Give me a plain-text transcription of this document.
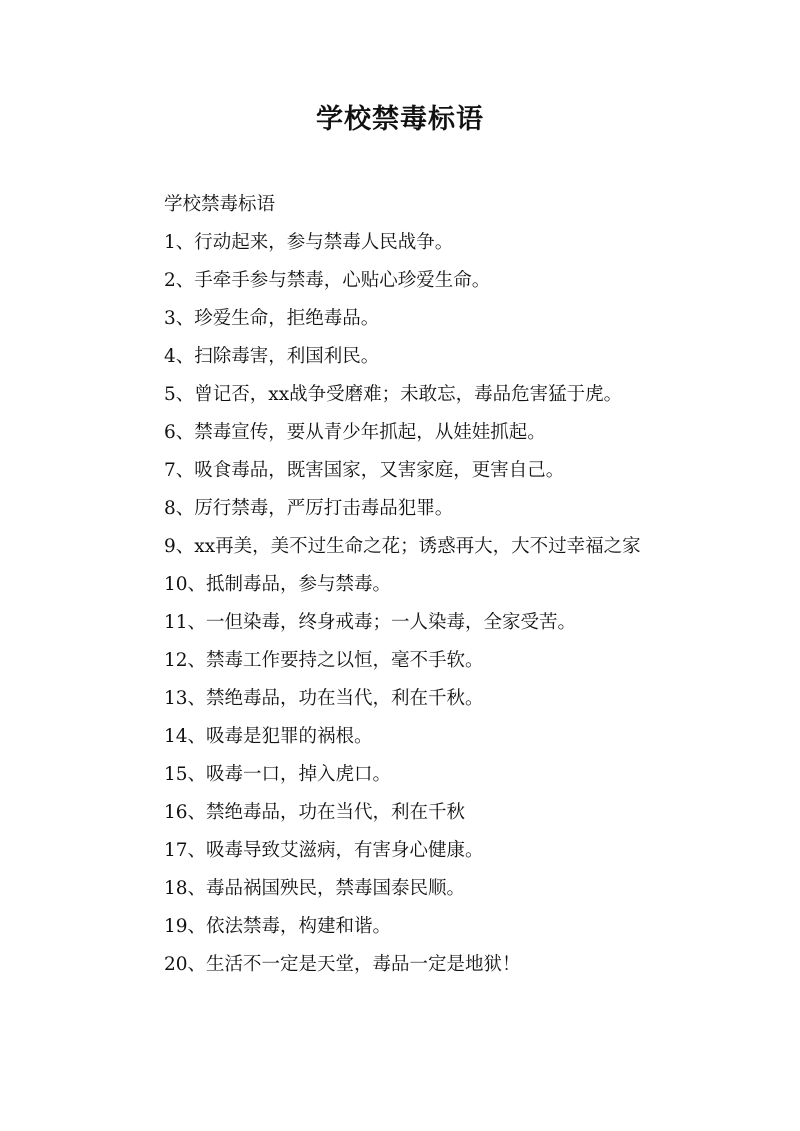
学校禁毒标语

学校禁毒标语

1、行动起来，参与禁毒人民战争。

2、手牵手参与禁毒，心贴心珍爱生命。

3、珍爱生命，拒绝毒品。

4、扫除毒害，利国利民。

5、曾记否，xx战争受磨难；未敢忘，毒品危害猛于虎。

6、禁毒宣传，要从青少年抓起，从娃娃抓起。

7、吸食毒品，既害国家，又害家庭，更害自己。

8、厉行禁毒，严厉打击毒品犯罪。

9、xx再美，美不过生命之花；诱惑再大，大不过幸福之家

10、抵制毒品，参与禁毒。

11、一但染毒，终身戒毒；一人染毒，全家受苦。

12、禁毒工作要持之以恒，毫不手软。

13、禁绝毒品，功在当代，利在千秋。

14、吸毒是犯罪的祸根。

15、吸毒一口，掉入虎口。

16、禁绝毒品，功在当代，利在千秋

17、吸毒导致艾滋病，有害身心健康。

18、毒品祸国殃民，禁毒国泰民顺。

19、依法禁毒，构建和谐。

20、生活不一定是天堂，毒品一定是地狱！
